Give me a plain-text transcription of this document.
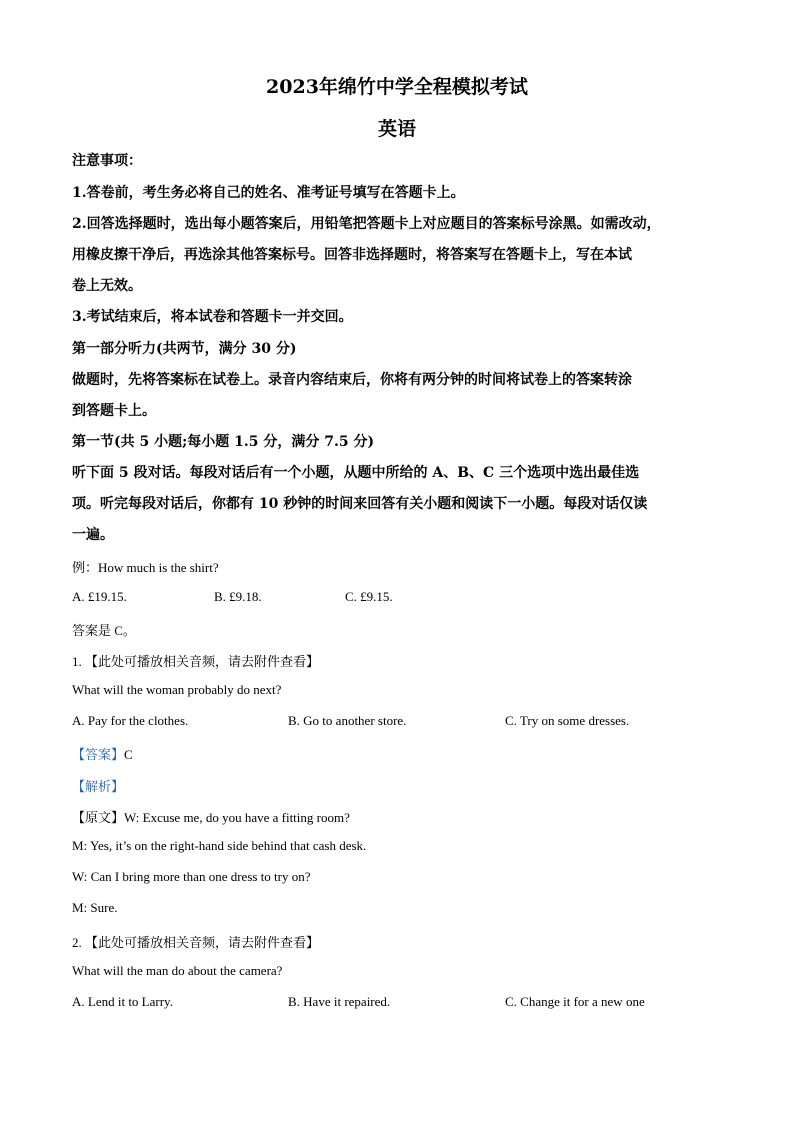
2023年绵竹中学全程模拟考试
英语
注意事项：
1.答卷前，考生务必将自己的姓名、准考证号填写在答题卡上。
2.回答选择题时，选出每小题答案后，用铅笔把答题卡上对应题目的答案标号涂黑。如需改动，
用橡皮擦干净后，再选涂其他答案标号。回答非选择题时，将答案写在答题卡上，写在本试
卷上无效。
3.考试结束后，将本试卷和答题卡一并交回。
第一部分听力(共两节，满分 30 分)
做题时，先将答案标在试卷上。录音内容结束后，你将有两分钟的时间将试卷上的答案转涂
到答题卡上。
第一节(共 5 小题;每小题 1.5 分，满分 7.5 分)
听下面 5 段对话。每段对话后有一个小题，从题中所给的 A、B、C 三个选项中选出最佳选
项。听完每段对话后，你都有 10 秒钟的时间来回答有关小题和阅读下一小题。每段对话仅读
一遍。
例：How much is the shirt?
A. £19.15.	B. £9.18.	C. £9.15.
答案是 C。
1. 【此处可播放相关音频，请去附件查看】
What will the woman probably do next?
A. Pay for the clothes.	B. Go to another store.	C. Try on some dresses.
【答案】C
【解析】
【原文】W: Excuse me, do you have a fitting room?
M: Yes, it’s on the right-hand side behind that cash desk.
W: Can I bring more than one dress to try on?
M: Sure.
2. 【此处可播放相关音频，请去附件查看】
What will the man do about the camera?
A. Lend it to Larry.	B. Have it repaired.	C. Change it for a new one
